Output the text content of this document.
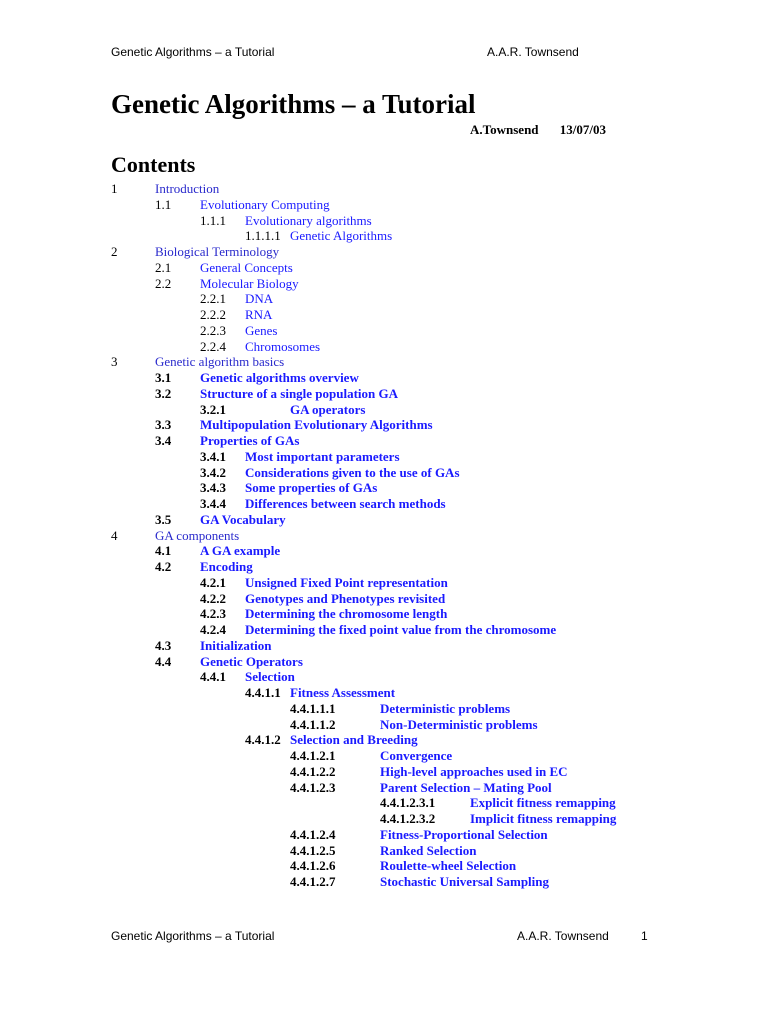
Genetic Algorithms – a Tutorial	A.A.R. Townsend
Genetic Algorithms – a Tutorial
A.Townsend 13/07/03
Contents
1	Introduction
1.1 Evolutionary Computing
1.1.1 Evolutionary algorithms
1.1.1.1 Genetic Algorithms
2	Biological Terminology
2.1 General Concepts
2.2 Molecular Biology
2.2.1 DNA
2.2.2 RNA
2.2.3 Genes
2.2.4 Chromosomes
3	Genetic algorithm basics
3.1 Genetic algorithms overview
3.2 Structure of a single population GA
3.2.1	GA operators
3.3 Multipopulation Evolutionary Algorithms
3.4 Properties of GAs
3.4.1 Most important parameters
3.4.2 Considerations given to the use of GAs
3.4.3 Some properties of GAs
3.4.4 Differences between search methods
3.5 GA Vocabulary
4	GA components
4.1 A GA example
4.2 Encoding
4.2.1 Unsigned Fixed Point representation
4.2.2 Genotypes and Phenotypes revisited
4.2.3 Determining the chromosome length
4.2.4 Determining the fixed point value from the chromosome
4.3 Initialization
4.4 Genetic Operators
4.4.1 Selection
4.4.1.1 Fitness Assessment
4.4.1.1.1	Deterministic problems
4.4.1.1.2	Non-Deterministic problems
4.4.1.2 Selection and Breeding
4.4.1.2.1	Convergence
4.4.1.2.2	High-level approaches used in EC
4.4.1.2.3	Parent Selection – Mating Pool
4.4.1.2.3.1	Explicit fitness remapping
4.4.1.2.3.2	Implicit fitness remapping
4.4.1.2.4	Fitness-Proportional Selection
4.4.1.2.5	Ranked Selection
4.4.1.2.6	Roulette-wheel Selection
4.4.1.2.7	Stochastic Universal Sampling
Genetic Algorithms – a Tutorial	A.A.R. Townsend	1
